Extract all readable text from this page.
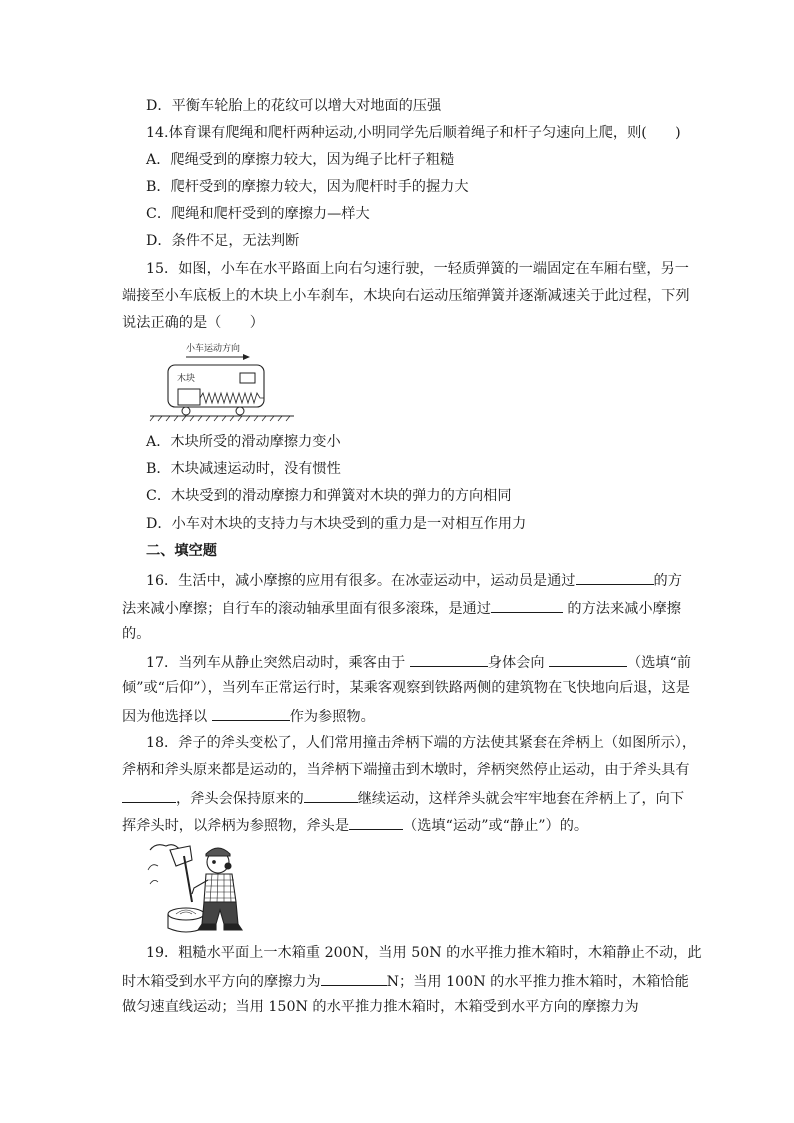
D．平衡车轮胎上的花纹可以增大对地面的压强
14.体育课有爬绳和爬杆两种运动,小明同学先后顺着绳子和杆子匀速向上爬，则(　　)
A．爬绳受到的摩擦力较大，因为绳子比杆子粗糙
B．爬杆受到的摩擦力较大，因为爬杆时手的握力大
C．爬绳和爬杆受到的摩擦力—样大
D．条件不足，无法判断
15．如图，小车在水平路面上向右匀速行驶，一轻质弹簧的一端固定在车厢右壁，另一
端接至小车底板上的木块上小车刹车，木块向右运动压缩弹簧并逐渐减速关于此过程，下列
说法正确的是（　　）
小车运动方向
木块
A．木块所受的滑动摩擦力变小
B．木块减速运动时，没有惯性
C．木块受到的滑动摩擦力和弹簧对木块的弹力的方向相同
D．小车对木块的支持力与木块受到的重力是一对相互作用力
二、填空题
16．生活中，减小摩擦的应用有很多。在冰壶运动中，运动员是通过	的方
法来减小摩擦；自行车的滚动轴承里面有很多滚珠，是通过	的方法来减小摩擦
的。
17．当列车从静止突然启动时，乘客由于	身体会向	（选填“前
倾”或“后仰”），当列车正常运行时，某乘客观察到铁路两侧的建筑物在飞快地向后退，这是
因为他选择以	作为参照物。
18．斧子的斧头变松了，人们常用撞击斧柄下端的方法使其紧套在斧柄上（如图所示），
斧柄和斧头原来都是运动的，当斧柄下端撞击到木墩时，斧柄突然停止运动，由于斧头具有
，斧头会保持原来的	继续运动，这样斧头就会牢牢地套在斧柄上了，向下
挥斧头时，以斧柄为参照物，斧头是	（选填“运动”或“静止”）的。
19．粗糙水平面上一木箱重 200N，当用 50N 的水平推力推木箱时，木箱静止不动，此
时木箱受到水平方向的摩擦力为	N；当用 100N 的水平推力推木箱时，木箱恰能
做匀速直线运动；当用 150N 的水平推力推木箱时，木箱受到水平方向的摩擦力为
